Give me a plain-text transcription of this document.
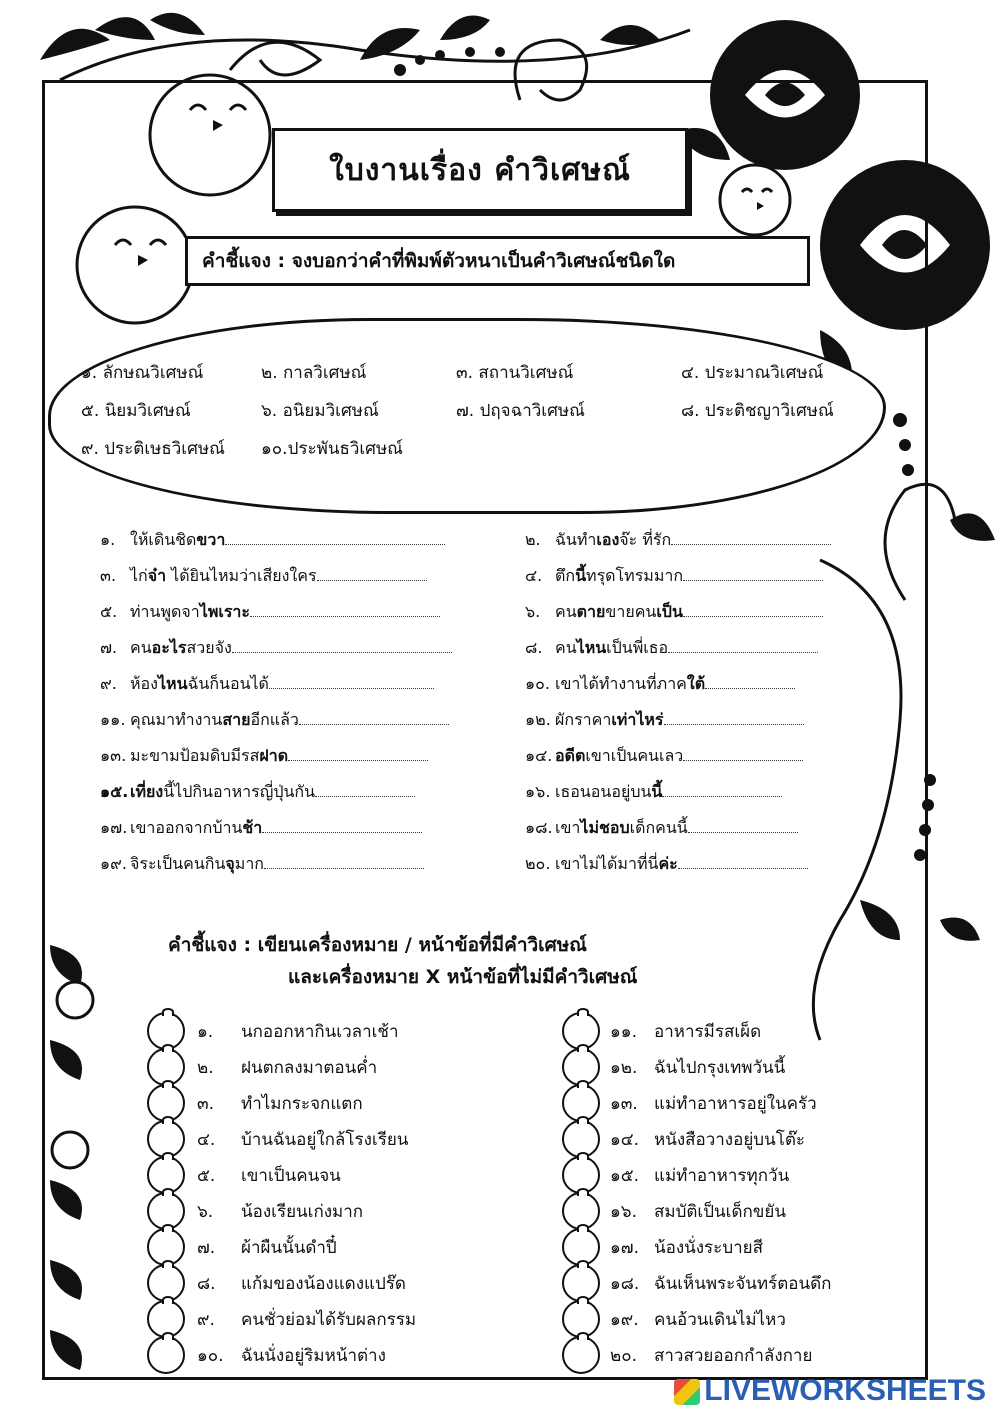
ใบงานเรื่อง คำวิเศษณ์
คำชี้แจง : จงบอกว่าคำที่พิมพ์ตัวหนาเป็นคำวิเศษณ์ชนิดใด
๑. ลักษณวิเศษณ์	๒. กาลวิเศษณ์	๓. สถานวิเศษณ์	๔. ประมาณวิเศษณ์
๕. นิยมวิเศษณ์	๖. อนิยมวิเศษณ์	๗. ปฤจฉาวิเศษณ์	๘. ประติชญาวิเศษณ์
๙. ประติเษธวิเศษณ์ ๑๐.ประพันธวิเศษณ์
๑. ให้เดินชิดขวา
๓. ไก่จ๋า ได้ยินไหมว่าเสียงใคร
๕. ท่านพูดจาไพเราะ
๗. คนอะไรสวยจัง
๙. ห้องไหนฉันก็นอนได้
๑๑. คุณมาทำงานสายอีกแล้ว
๑๓. มะขามป้อมดิบมีรสฝาด
๑๕. เที่ยงนี้ไปกินอาหารญี่ปุ่นกัน
๑๗. เขาออกจากบ้านช้า
๑๙. จิระเป็นคนกินจุมาก
๒. ฉันทำเองจ๊ะ ที่รัก
๔. ตึกนี้ทรุดโทรมมาก
๖. คนตายขายคนเป็น
๘. คนไหนเป็นพี่เธอ
๑๐. เขาได้ทำงานที่ภาคใต้
๑๒. ผักราคาเท่าไหร่
๑๔. อดีตเขาเป็นคนเลว
๑๖. เธอนอนอยู่บนนี้
๑๘. เขาไม่ชอบเด็กคนนี้
๒๐. เขาไม่ได้มาที่นี่ค่ะ
คำชี้แจง : เขียนเครื่องหมาย / หน้าข้อที่มีคำวิเศษณ์
และเครื่องหมาย X หน้าข้อที่ไม่มีคำวิเศษณ์
๑. นกออกหากินเวลาเช้า
๒. ฝนตกลงมาตอนค่ำ
๓. ทำไมกระจกแตก
๔. บ้านฉันอยู่ใกล้โรงเรียน
๕. เขาเป็นคนจน
๖. น้องเรียนเก่งมาก
๗. ผ้าผืนนั้นดำปี๋
๘. แก้มของน้องแดงแปร๊ด
๙. คนชั่วย่อมได้รับผลกรรม
๑๐. ฉันนั่งอยู่ริมหน้าต่าง
๑๑. อาหารมีรสเผ็ด
๑๒. ฉันไปกรุงเทพวันนี้
๑๓. แม่ทำอาหารอยู่ในครัว
๑๔. หนังสือวางอยู่บนโต๊ะ
๑๕. แม่ทำอาหารทุกวัน
๑๖. สมบัติเป็นเด็กขยัน
๑๗. น้องนั่งระบายสี
๑๘. ฉันเห็นพระจันทร์ตอนดึก
๑๙. คนอ้วนเดินไม่ไหว
๒๐. สาวสวยออกกำลังกาย
LIVEWORKSHEETS
